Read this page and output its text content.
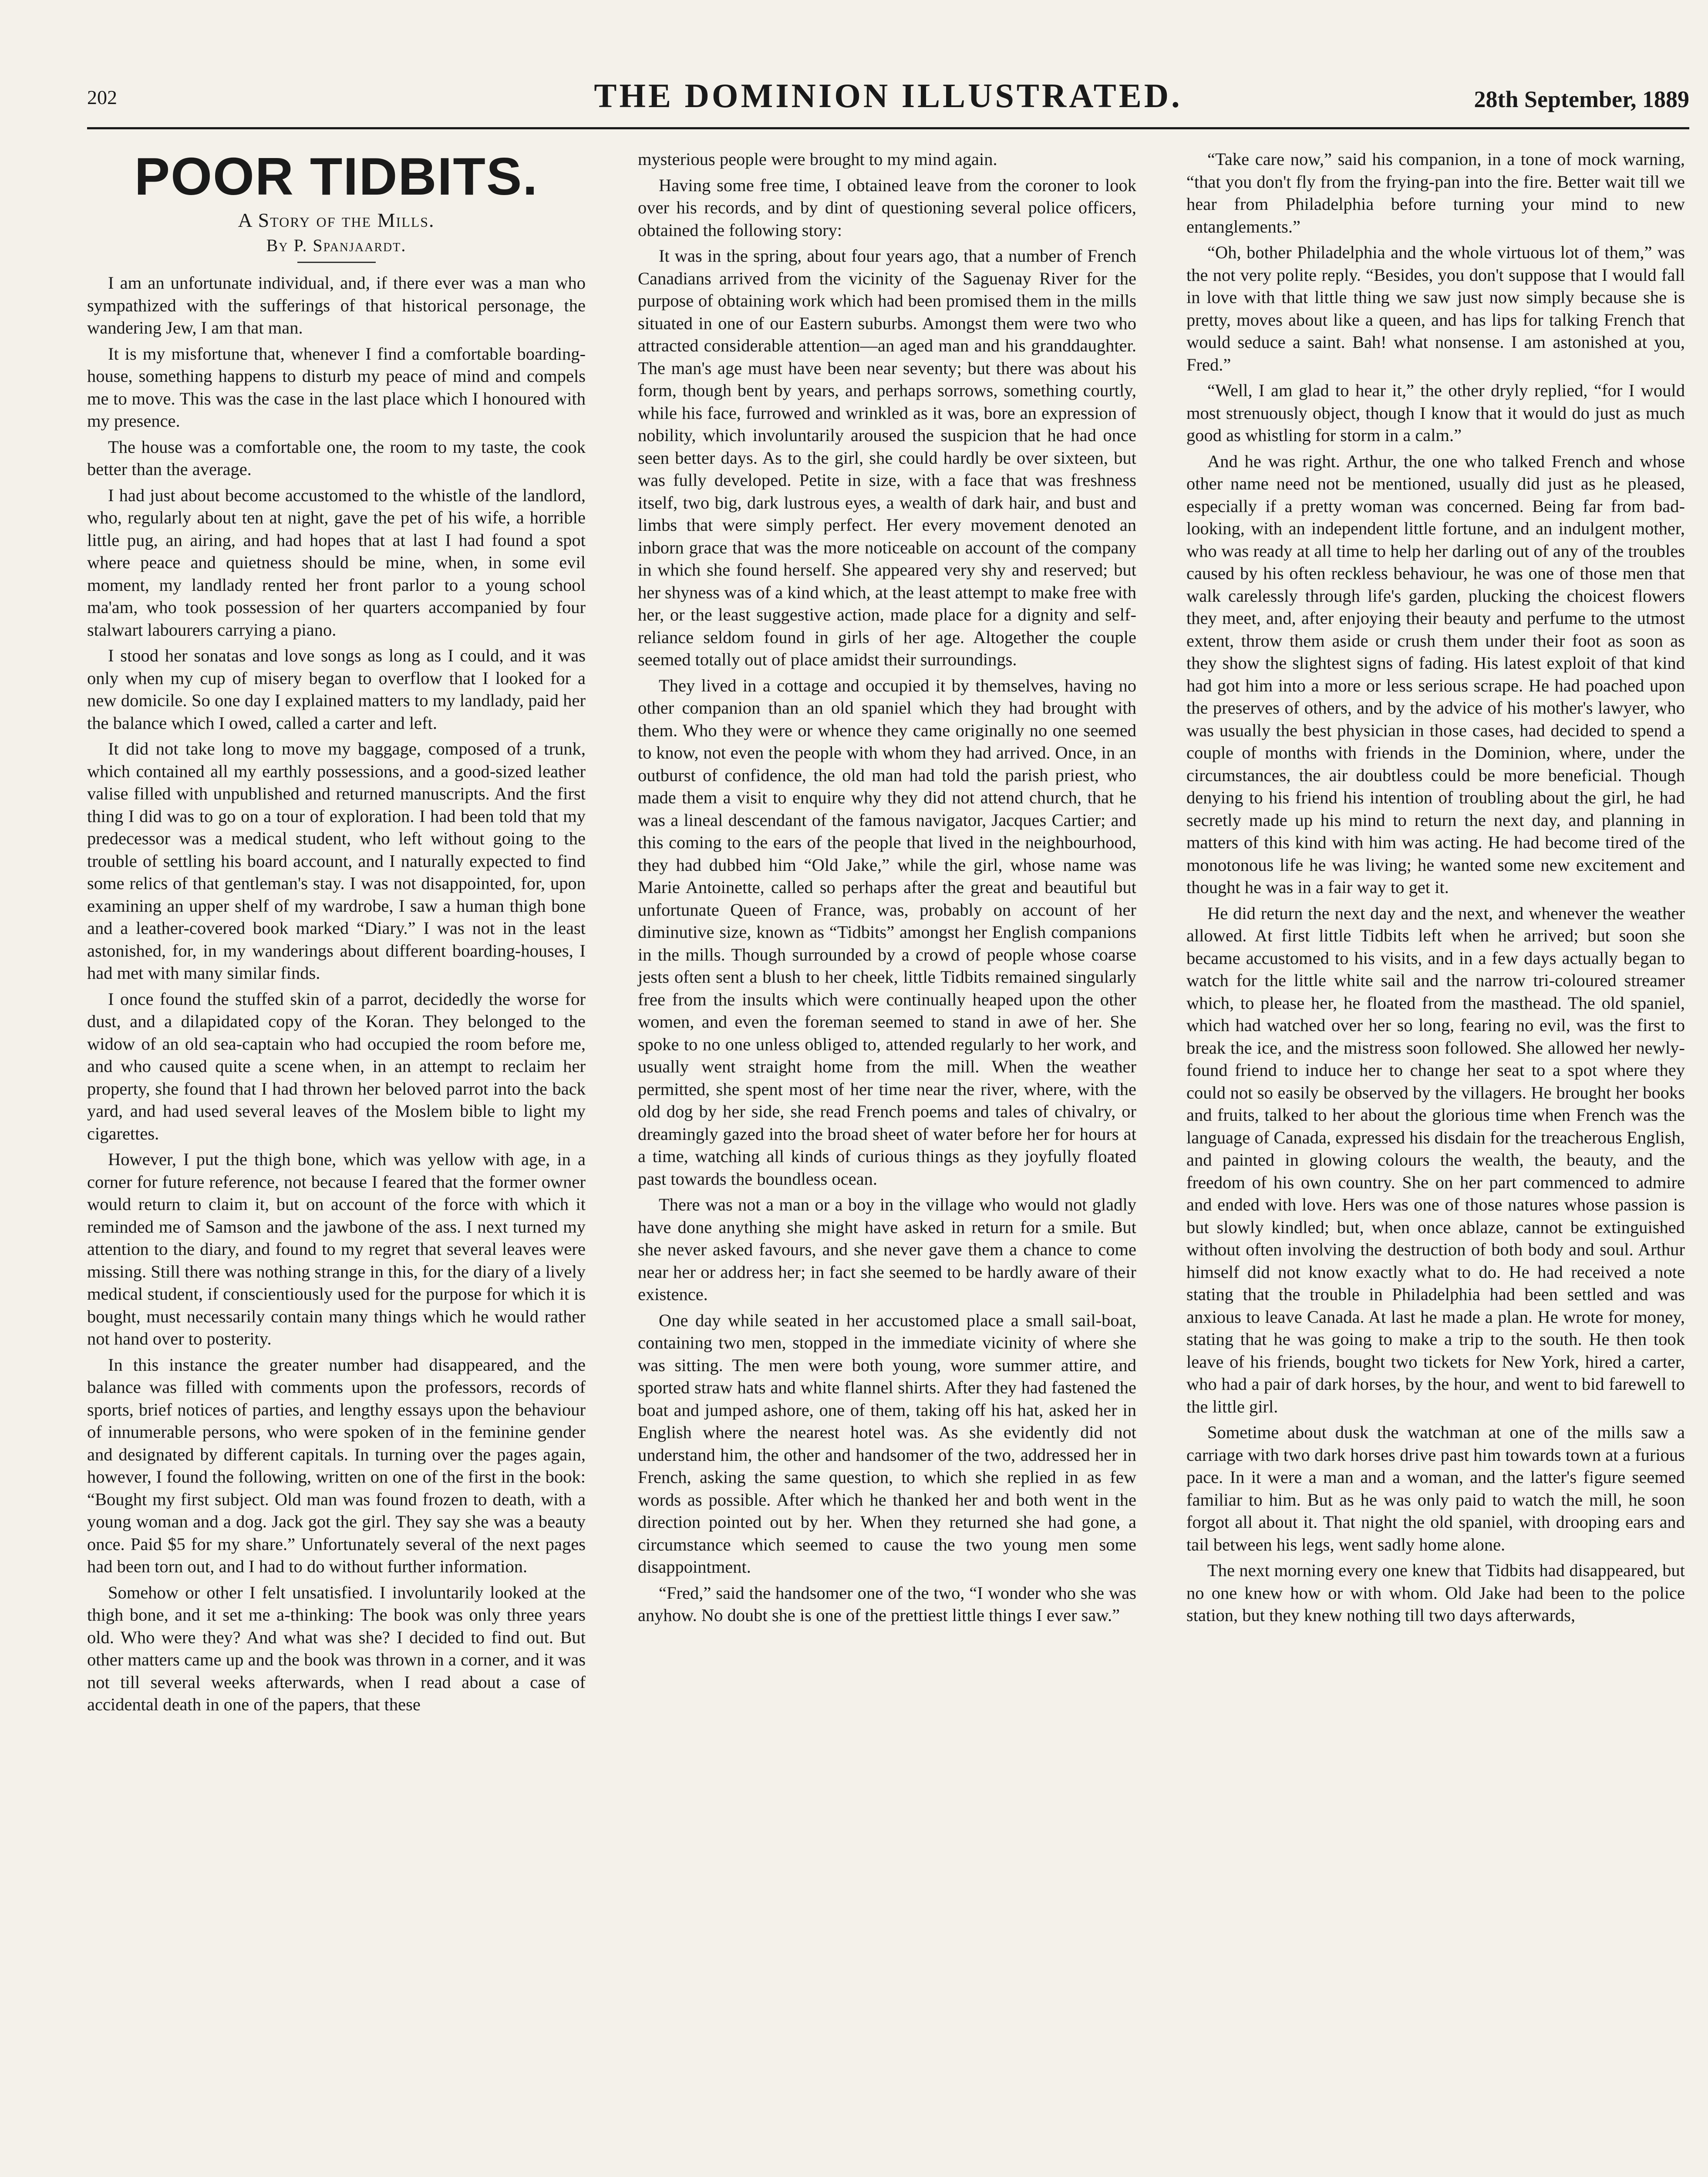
202	THE DOMINION ILLUSTRATED.	28th September, 1889
POOR TIDBITS.
A Story of the Mills.
By P. Spanjaardt.

I am an unfortunate individual, and, if there ever was a man who sympathized with the sufferings of that historical personage, the wandering Jew, I am that man.

It is my misfortune that, whenever I find a comfortable boarding-house, something happens to disturb my peace of mind and compels me to move. This was the case in the last place which I honoured with my presence.

The house was a comfortable one, the room to my taste, the cook better than the average.

I had just about become accustomed to the whistle of the landlord, who, regularly about ten at night, gave the pet of his wife, a horrible little pug, an airing, and had hopes that at last I had found a spot where peace and quietness should be mine, when, in some evil moment, my landlady rented her front parlor to a young school ma'am, who took possession of her quarters accompanied by four stalwart labourers carrying a piano.

I stood her sonatas and love songs as long as I could, and it was only when my cup of misery began to overflow that I looked for a new domicile. So one day I explained matters to my landlady, paid her the balance which I owed, called a carter and left.

It did not take long to move my baggage, composed of a trunk, which contained all my earthly possessions, and a good-sized leather valise filled with unpublished and returned manuscripts. And the first thing I did was to go on a tour of exploration. I had been told that my predecessor was a medical student, who left without going to the trouble of settling his board account, and I naturally expected to find some relics of that gentleman's stay. I was not disappointed, for, upon examining an upper shelf of my wardrobe, I saw a human thigh bone and a leather-covered book marked “Diary.” I was not in the least astonished, for, in my wanderings about different boarding-houses, I had met with many similar finds.

I once found the stuffed skin of a parrot, decidedly the worse for dust, and a dilapidated copy of the Koran. They belonged to the widow of an old sea-captain who had occupied the room before me, and who caused quite a scene when, in an attempt to reclaim her property, she found that I had thrown her beloved parrot into the back yard, and had used several leaves of the Moslem bible to light my cigarettes.

However, I put the thigh bone, which was yellow with age, in a corner for future reference, not because I feared that the former owner would return to claim it, but on account of the force with which it reminded me of Samson and the jawbone of the ass. I next turned my attention to the diary, and found to my regret that several leaves were missing. Still there was nothing strange in this, for the diary of a lively medical student, if conscientiously used for the purpose for which it is bought, must necessarily contain many things which he would rather not hand over to posterity.

In this instance the greater number had disappeared, and the balance was filled with comments upon the professors, records of sports, brief notices of parties, and lengthy essays upon the behaviour of innumerable persons, who were spoken of in the feminine gender and designated by different capitals. In turning over the pages again, however, I found the following, written on one of the first in the book: “Bought my first subject. Old man was found frozen to death, with a young woman and a dog. Jack got the girl. They say she was a beauty once. Paid $5 for my share.” Unfortunately several of the next pages had been torn out, and I had to do without further information.

Somehow or other I felt unsatisfied. I involuntarily looked at the thigh bone, and it set me a-thinking: The book was only three years old. Who were they? And what was she? I decided to find out. But other matters came up and the book was thrown in a corner, and it was not till several weeks afterwards, when I read about a case of accidental death in one of the papers, that these

mysterious people were brought to my mind again.

Having some free time, I obtained leave from the coroner to look over his records, and by dint of questioning several police officers, obtained the following story:

It was in the spring, about four years ago, that a number of French Canadians arrived from the vicinity of the Saguenay River for the purpose of obtaining work which had been promised them in the mills situated in one of our Eastern suburbs. Amongst them were two who attracted considerable attention—an aged man and his granddaughter. The man's age must have been near seventy; but there was about his form, though bent by years, and perhaps sorrows, something courtly, while his face, furrowed and wrinkled as it was, bore an expression of nobility, which involuntarily aroused the suspicion that he had once seen better days. As to the girl, she could hardly be over sixteen, but was fully developed. Petite in size, with a face that was freshness itself, two big, dark lustrous eyes, a wealth of dark hair, and bust and limbs that were simply perfect. Her every movement denoted an inborn grace that was the more noticeable on account of the company in which she found herself. She appeared very shy and reserved; but her shyness was of a kind which, at the least attempt to make free with her, or the least suggestive action, made place for a dignity and self-reliance seldom found in girls of her age. Altogether the couple seemed totally out of place amidst their surroundings.

They lived in a cottage and occupied it by themselves, having no other companion than an old spaniel which they had brought with them. Who they were or whence they came originally no one seemed to know, not even the people with whom they had arrived. Once, in an outburst of confidence, the old man had told the parish priest, who made them a visit to enquire why they did not attend church, that he was a lineal descendant of the famous navigator, Jacques Cartier; and this coming to the ears of the people that lived in the neighbourhood, they had dubbed him “Old Jake,” while the girl, whose name was Marie Antoinette, called so perhaps after the great and beautiful but unfortunate Queen of France, was, probably on account of her diminutive size, known as “Tidbits” amongst her English companions in the mills. Though surrounded by a crowd of people whose coarse jests often sent a blush to her cheek, little Tidbits remained singularly free from the insults which were continually heaped upon the other women, and even the foreman seemed to stand in awe of her. She spoke to no one unless obliged to, attended regularly to her work, and usually went straight home from the mill. When the weather permitted, she spent most of her time near the river, where, with the old dog by her side, she read French poems and tales of chivalry, or dreamingly gazed into the broad sheet of water before her for hours at a time, watching all kinds of curious things as they joyfully floated past towards the boundless ocean.

There was not a man or a boy in the village who would not gladly have done anything she might have asked in return for a smile. But she never asked favours, and she never gave them a chance to come near her or address her; in fact she seemed to be hardly aware of their existence.

One day while seated in her accustomed place a small sail-boat, containing two men, stopped in the immediate vicinity of where she was sitting. The men were both young, wore summer attire, and sported straw hats and white flannel shirts. After they had fastened the boat and jumped ashore, one of them, taking off his hat, asked her in English where the nearest hotel was. As she evidently did not understand him, the other and handsomer of the two, addressed her in French, asking the same question, to which she replied in as few words as possible. After which he thanked her and both went in the direction pointed out by her. When they returned she had gone, a circumstance which seemed to cause the two young men some disappointment.

“Fred,” said the handsomer one of the two, “I wonder who she was anyhow. No doubt she is one of the prettiest little things I ever saw.”

“Take care now,” said his companion, in a tone of mock warning, “that you don't fly from the frying-pan into the fire. Better wait till we hear from Philadelphia before turning your mind to new entanglements.”

“Oh, bother Philadelphia and the whole virtuous lot of them,” was the not very polite reply. “Besides, you don't suppose that I would fall in love with that little thing we saw just now simply because she is pretty, moves about like a queen, and has lips for talking French that would seduce a saint. Bah! what nonsense. I am astonished at you, Fred.”

“Well, I am glad to hear it,” the other dryly replied, “for I would most strenuously object, though I know that it would do just as much good as whistling for storm in a calm.”

And he was right. Arthur, the one who talked French and whose other name need not be mentioned, usually did just as he pleased, especially if a pretty woman was concerned. Being far from bad-looking, with an independent little fortune, and an indulgent mother, who was ready at all time to help her darling out of any of the troubles caused by his often reckless behaviour, he was one of those men that walk carelessly through life's garden, plucking the choicest flowers they meet, and, after enjoying their beauty and perfume to the utmost extent, throw them aside or crush them under their foot as soon as they show the slightest signs of fading. His latest exploit of that kind had got him into a more or less serious scrape. He had poached upon the preserves of others, and by the advice of his mother's lawyer, who was usually the best physician in those cases, had decided to spend a couple of months with friends in the Dominion, where, under the circumstances, the air doubtless could be more beneficial. Though denying to his friend his intention of troubling about the girl, he had secretly made up his mind to return the next day, and planning in matters of this kind with him was acting. He had become tired of the monotonous life he was living; he wanted some new excitement and thought he was in a fair way to get it.

He did return the next day and the next, and whenever the weather allowed. At first little Tidbits left when he arrived; but soon she became accustomed to his visits, and in a few days actually began to watch for the little white sail and the narrow tri-coloured streamer which, to please her, he floated from the masthead. The old spaniel, which had watched over her so long, fearing no evil, was the first to break the ice, and the mistress soon followed. She allowed her newly-found friend to induce her to change her seat to a spot where they could not so easily be observed by the villagers. He brought her books and fruits, talked to her about the glorious time when French was the language of Canada, expressed his disdain for the treacherous English, and painted in glowing colours the wealth, the beauty, and the freedom of his own country. She on her part commenced to admire and ended with love. Hers was one of those natures whose passion is but slowly kindled; but, when once ablaze, cannot be extinguished without often involving the destruction of both body and soul. Arthur himself did not know exactly what to do. He had received a note stating that the trouble in Philadelphia had been settled and was anxious to leave Canada. At last he made a plan. He wrote for money, stating that he was going to make a trip to the south. He then took leave of his friends, bought two tickets for New York, hired a carter, who had a pair of dark horses, by the hour, and went to bid farewell to the little girl.

Sometime about dusk the watchman at one of the mills saw a carriage with two dark horses drive past him towards town at a furious pace. In it were a man and a woman, and the latter's figure seemed familiar to him. But as he was only paid to watch the mill, he soon forgot all about it. That night the old spaniel, with drooping ears and tail between his legs, went sadly home alone.

The next morning every one knew that Tidbits had disappeared, but no one knew how or with whom. Old Jake had been to the police station, but they knew nothing till two days afterwards,
